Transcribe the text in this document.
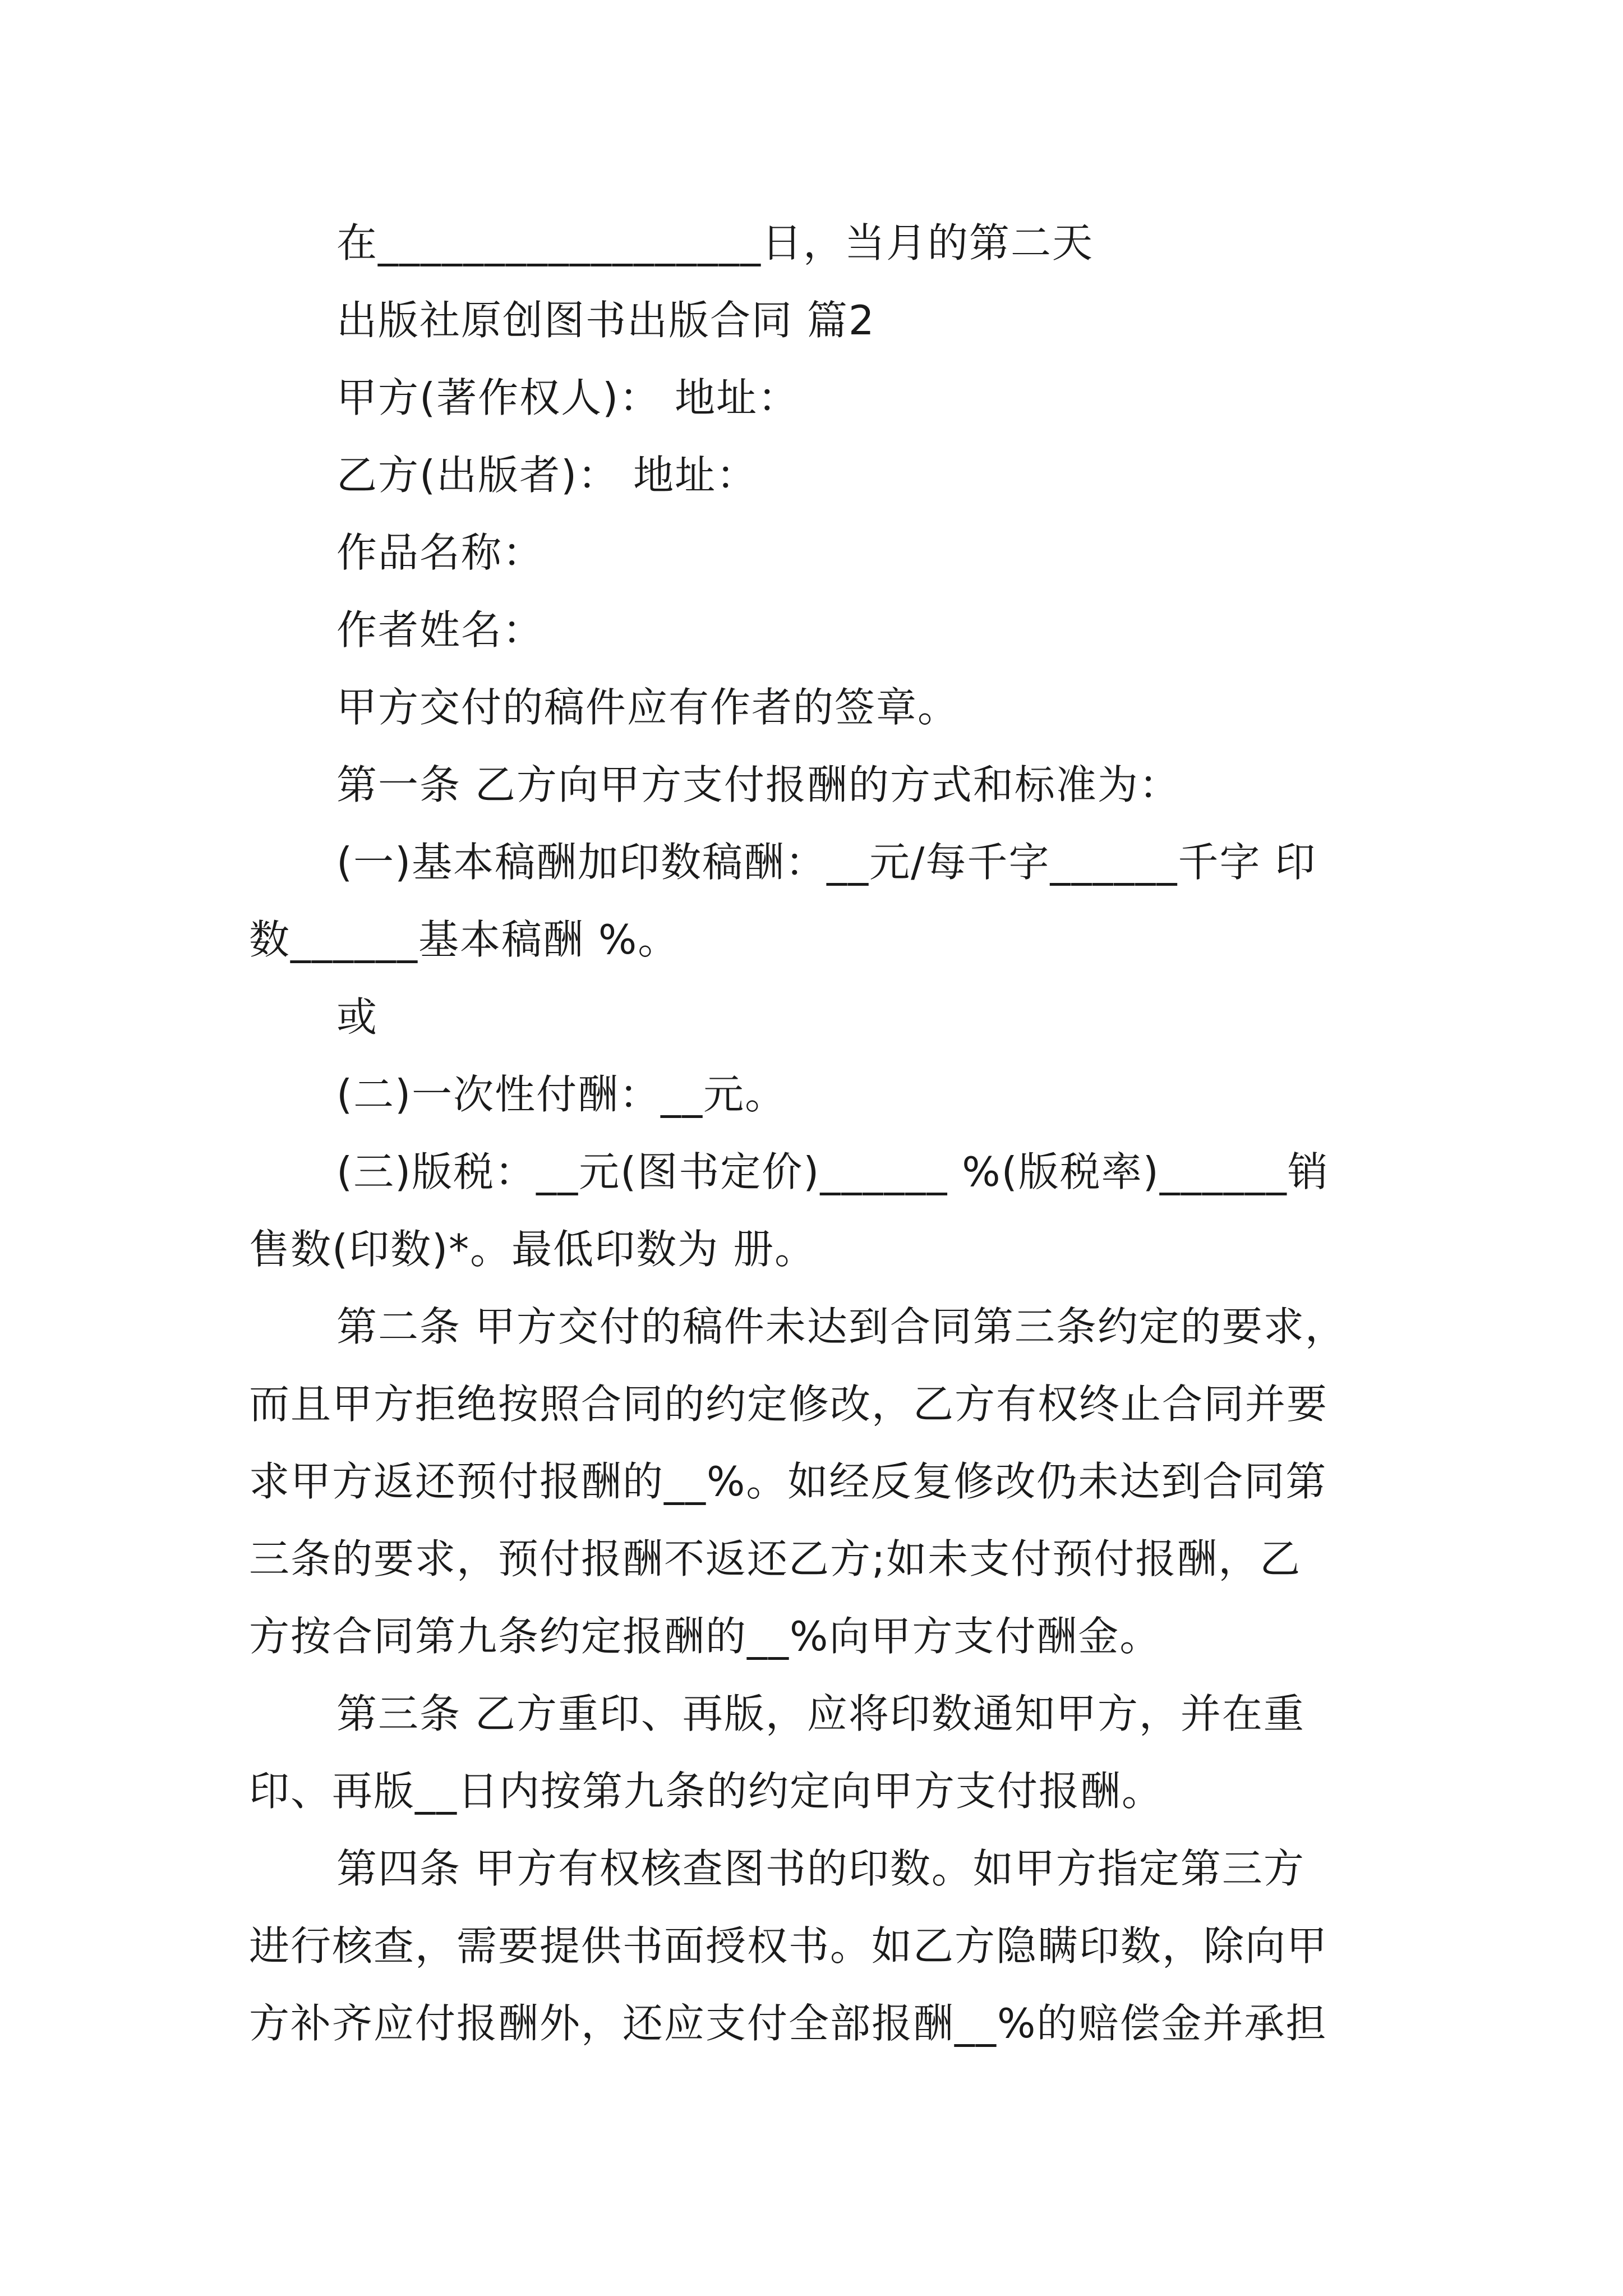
在__________________日，当月的第二天
出版社原创图书出版合同 篇2
甲方(著作权人)： 地址：
乙方(出版者)： 地址：
作品名称：
作者姓名：
甲方交付的稿件应有作者的签章。
第一条 乙方向甲方支付报酬的方式和标准为：
(一)基本稿酬加印数稿酬：__元/每千字______千字 印
数______基本稿酬 %。
或
(二)一次性付酬：__元。
(三)版税：__元(图书定价)______ %(版税率)______销
售数(印数)*。最低印数为 册。
第二条 甲方交付的稿件未达到合同第三条约定的要求，
而且甲方拒绝按照合同的约定修改，乙方有权终止合同并要
求甲方返还预付报酬的__%。如经反复修改仍未达到合同第
三条的要求，预付报酬不返还乙方;如未支付预付报酬，乙
方按合同第九条约定报酬的__%向甲方支付酬金。
第三条 乙方重印、再版，应将印数通知甲方，并在重
印、再版__日内按第九条的约定向甲方支付报酬。
第四条 甲方有权核查图书的印数。如甲方指定第三方
进行核查，需要提供书面授权书。如乙方隐瞒印数，除向甲
方补齐应付报酬外，还应支付全部报酬__%的赔偿金并承担
